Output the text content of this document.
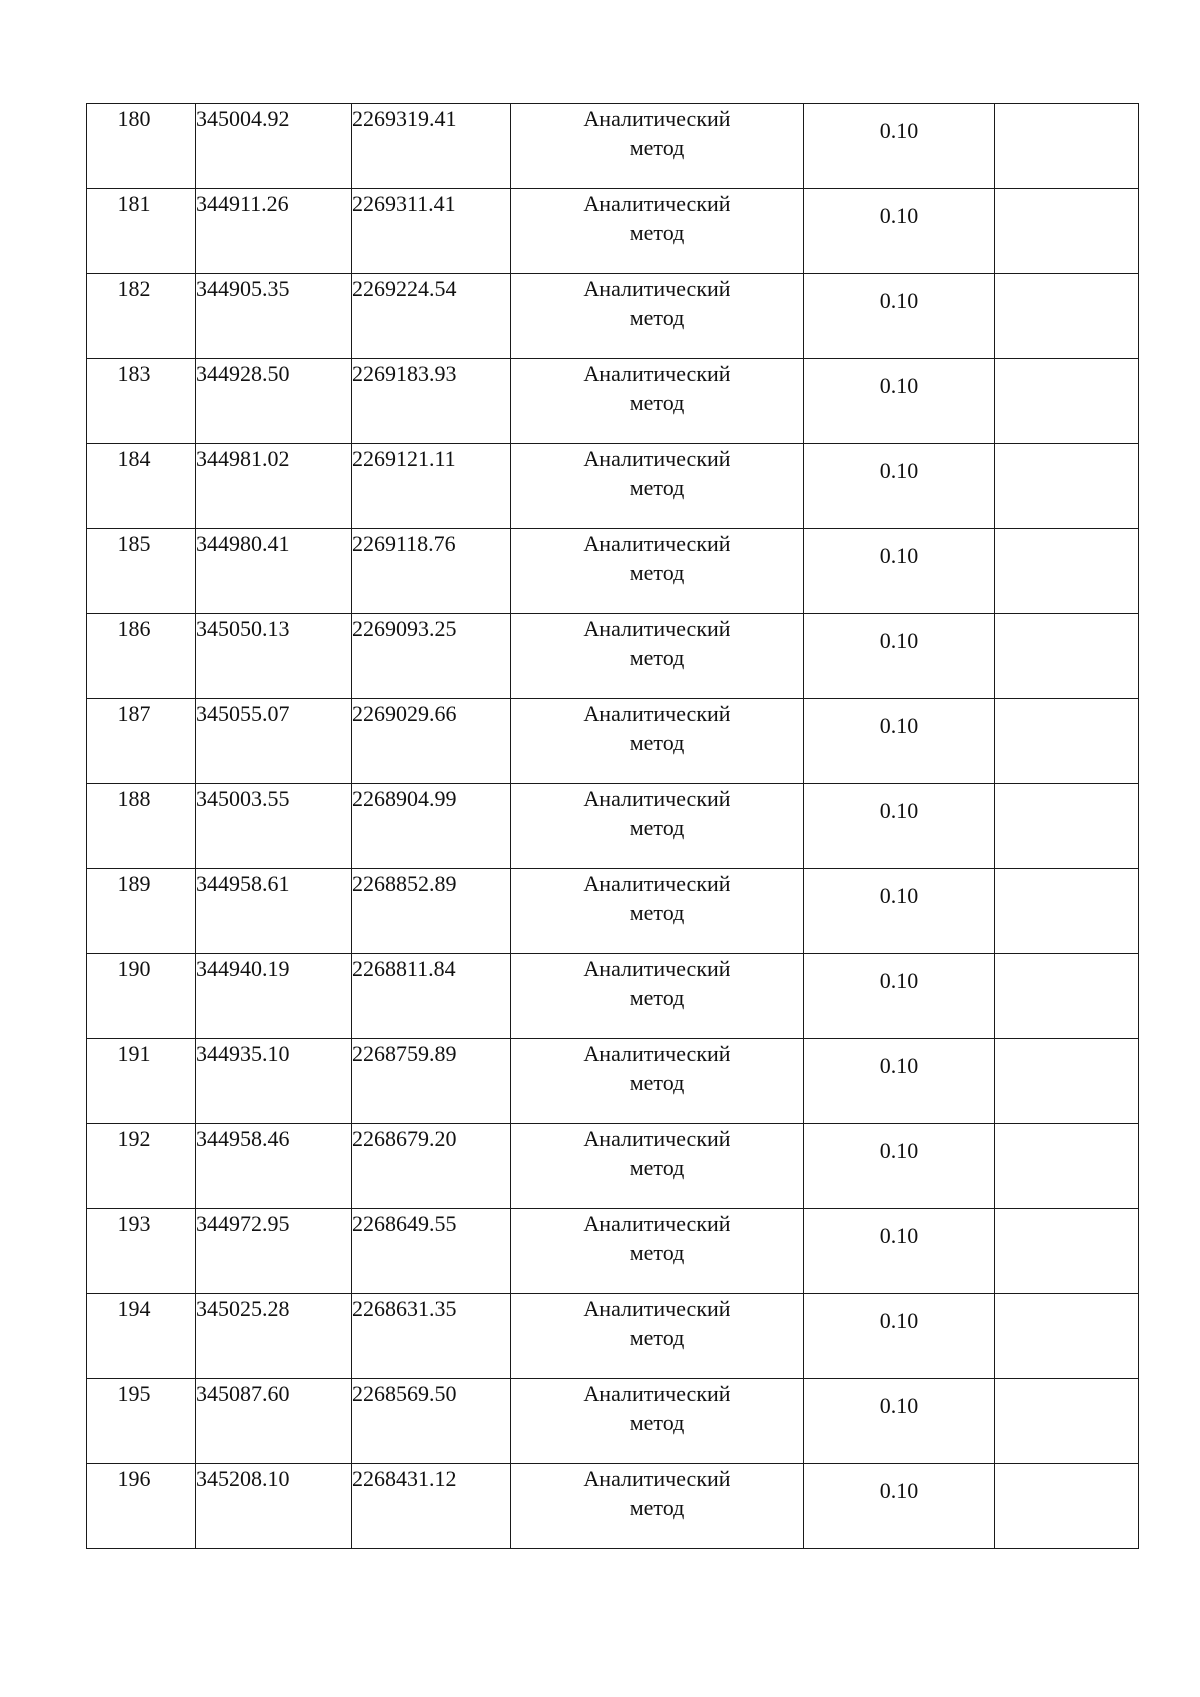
180	345004.92	2269319.41	Аналитический
метод	0.10	

181	344911.26	2269311.41	Аналитический
метод	0.10	

182	344905.35	2269224.54	Аналитический
метод	0.10	

183	344928.50	2269183.93	Аналитический
метод	0.10	

184	344981.02	2269121.11	Аналитический
метод	0.10	

185	344980.41	2269118.76	Аналитический
метод	0.10	

186	345050.13	2269093.25	Аналитический
метод	0.10	

187	345055.07	2269029.66	Аналитический
метод	0.10	

188	345003.55	2268904.99	Аналитический
метод	0.10	

189	344958.61	2268852.89	Аналитический
метод	0.10	

190	344940.19	2268811.84	Аналитический
метод	0.10	

191	344935.10	2268759.89	Аналитический
метод	0.10	

192	344958.46	2268679.20	Аналитический
метод	0.10	

193	344972.95	2268649.55	Аналитический
метод	0.10	

194	345025.28	2268631.35	Аналитический
метод	0.10	

195	345087.60	2268569.50	Аналитический
метод	0.10	

196	345208.10	2268431.12	Аналитический
метод	0.10	
